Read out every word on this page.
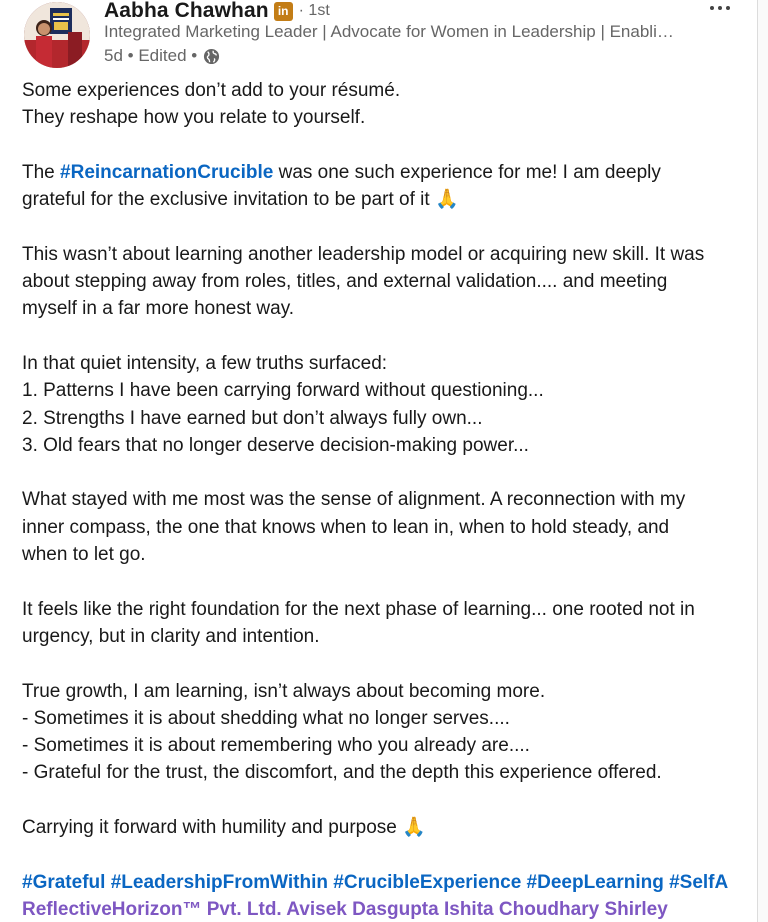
Aabha Chawhan in · 1st
Integrated Marketing Leader | Advocate for Women in Leadership | Enabli…
5d • Edited •
Some experiences don’t add to your résumé.
They reshape how you relate to yourself.
The #ReincarnationCrucible was one such experience for me! I am deeply
grateful for the exclusive invitation to be part of it 🙏
This wasn’t about learning another leadership model or acquiring new skill. It was
about stepping away from roles, titles, and external validation.... and meeting
myself in a far more honest way.
In that quiet intensity, a few truths surfaced:
1. Patterns I have been carrying forward without questioning...
2. Strengths I have earned but don’t always fully own...
3. Old fears that no longer deserve decision-making power...
What stayed with me most was the sense of alignment. A reconnection with my
inner compass, the one that knows when to lean in, when to hold steady, and
when to let go.
It feels like the right foundation for the next phase of learning... one rooted not in
urgency, but in clarity and intention.
True growth, I am learning, isn’t always about becoming more.
- Sometimes it is about shedding what no longer serves....
- Sometimes it is about remembering who you already are....
- Grateful for the trust, the discomfort, and the depth this experience offered.
Carrying it forward with humility and purpose 🙏
#Grateful #LeadershipFromWithin #CrucibleExperience #DeepLearning #SelfA
ReflectiveHorizon™ Pvt. Ltd. Avisek Dasgupta Ishita Choudhary Shirley
